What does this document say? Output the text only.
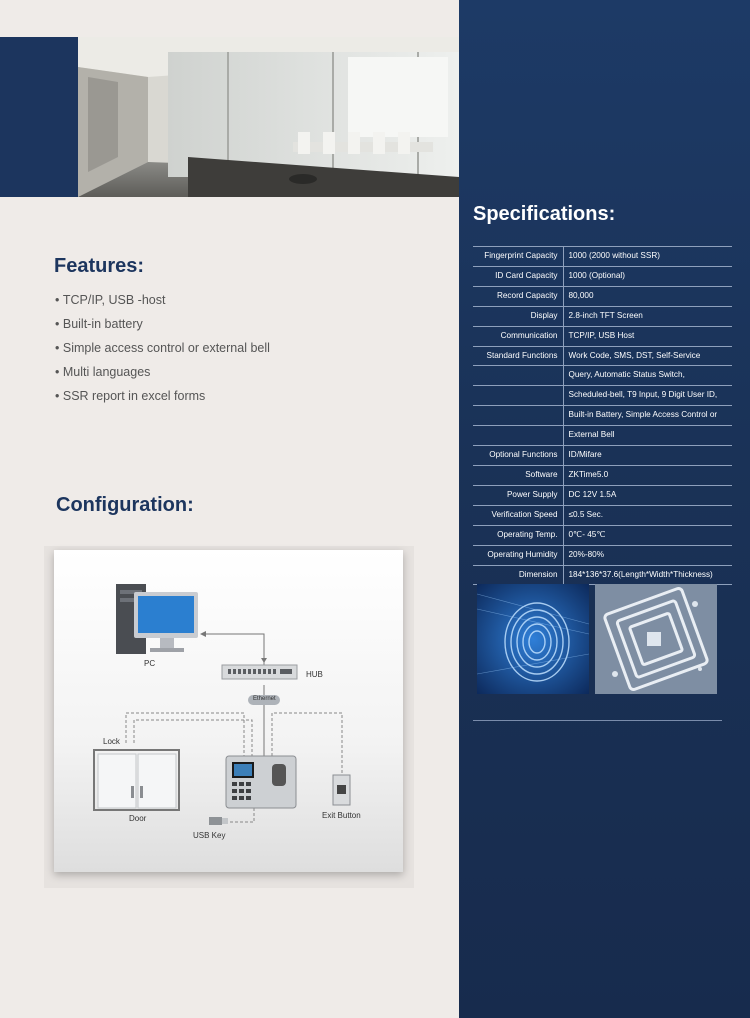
Features:
• TCP/IP, USB -host
• Built-in battery
• Simple access control or external bell
• Multi languages
• SSR report in excel forms
Configuration:
PC
HUB
Ethernet
Lock
Door
USB Key
Exit Button
Specifications:
Fingerprint Capacity	1000 (2000 without SSR)
ID Card Capacity	1000 (Optional)
Record Capacity	80,000
Display	2.8-inch TFT Screen
Communication	TCP/IP, USB Host
Standard Functions	Work Code, SMS, DST, Self-Service
	Query, Automatic Status Switch,
	Scheduled-bell, T9 Input, 9 Digit User ID,
	Built-in Battery, Simple Access Control or
	External Bell
Optional Functions	ID/Mifare
Software	ZKTime5.0
Power Supply	DC 12V 1.5A
Verification Speed	≤0.5 Sec.
Operating Temp.	0℃- 45℃
Operating Humidity	20%-80%
Dimension	184*136*37.6(Length*Width*Thickness)
